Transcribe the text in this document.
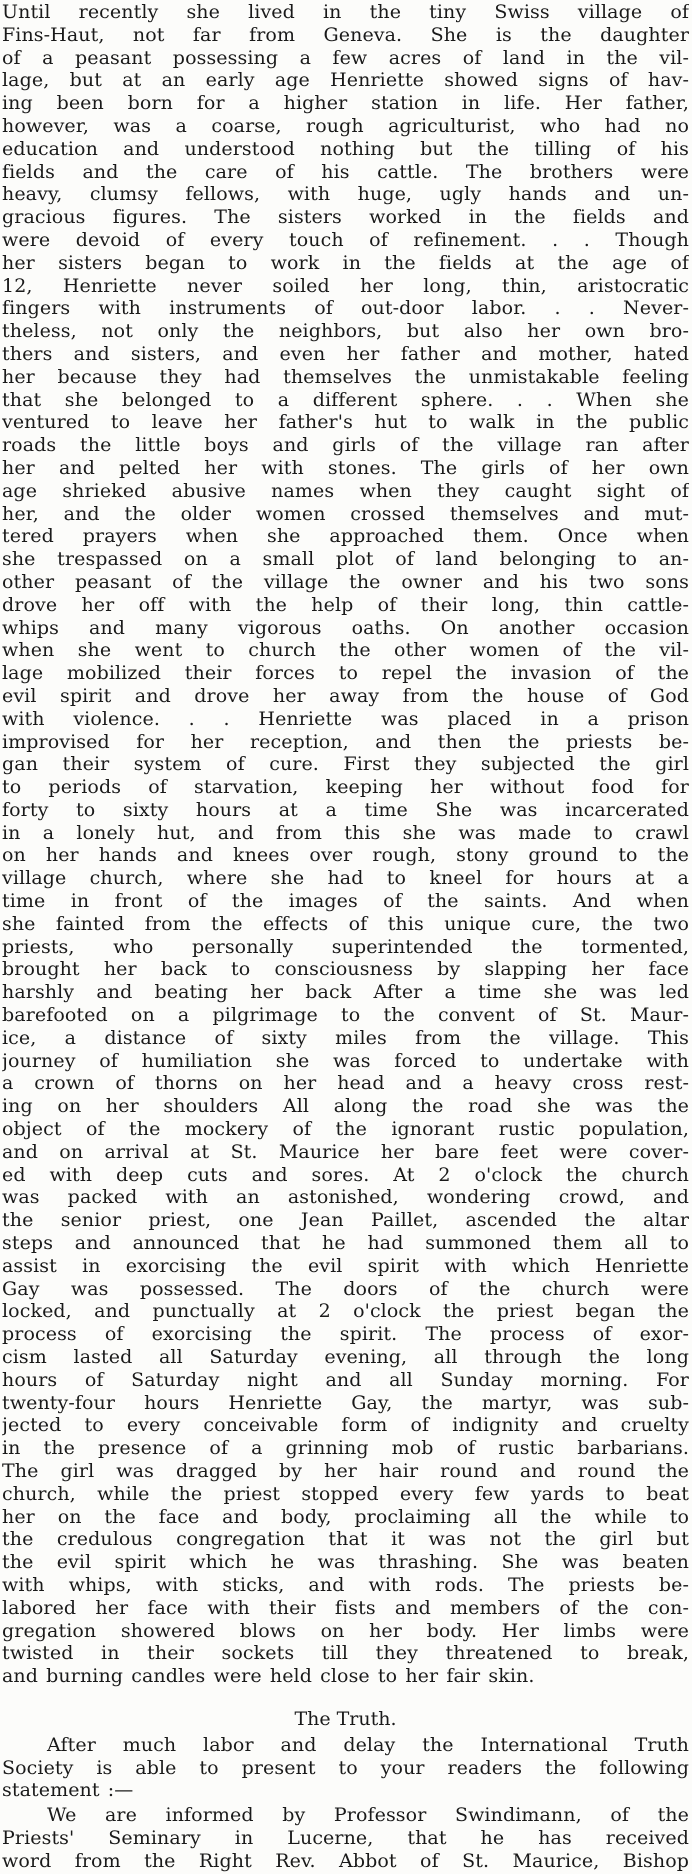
Until recently she lived in the tiny Swiss village of
Fins-Haut, not far from Geneva. She is the daughter
of a peasant possessing a few acres of land in the vil-
lage, but at an early age Henriette showed signs of hav-
ing been born for a higher station in life. Her father,
however, was a coarse, rough agriculturist, who had no
education and understood nothing but the tilling of his
fields and the care of his cattle. The brothers were
heavy, clumsy fellows, with huge, ugly hands and un-
gracious figures. The sisters worked in the fields and
were devoid of every touch of refinement. . . Though
her sisters began to work in the fields at the age of
12, Henriette never soiled her long, thin, aristocratic
fingers with instruments of out-door labor. . . Never-
theless, not only the neighbors, but also her own bro-
thers and sisters, and even her father and mother, hated
her because they had themselves the unmistakable feeling
that she belonged to a different sphere. . . When she
ventured to leave her father's hut to walk in the public
roads the little boys and girls of the village ran after
her and pelted her with stones. The girls of her own
age shrieked abusive names when they caught sight of
her, and the older women crossed themselves and mut-
tered prayers when she approached them. Once when
she trespassed on a small plot of land belonging to an-
other peasant of the village the owner and his two sons
drove her off with the help of their long, thin cattle-
whips and many vigorous oaths. On another occasion
when she went to church the other women of the vil-
lage mobilized their forces to repel the invasion of the
evil spirit and drove her away from the house of God
with violence. . . Henriette was placed in a prison
improvised for her reception, and then the priests be-
gan their system of cure. First they subjected the girl
to periods of starvation, keeping her without food for
forty to sixty hours at a time She was incarcerated
in a lonely hut, and from this she was made to crawl
on her hands and knees over rough, stony ground to the
village church, where she had to kneel for hours at a
time in front of the images of the saints. And when
she fainted from the effects of this unique cure, the two
priests, who personally superintended the tormented,
brought her back to consciousness by slapping her face
harshly and beating her back After a time she was led
barefooted on a pilgrimage to the convent of St. Maur-
ice, a distance of sixty miles from the village. This
journey of humiliation she was forced to undertake with
a crown of thorns on her head and a heavy cross rest-
ing on her shoulders All along the road she was the
object of the mockery of the ignorant rustic population,
and on arrival at St. Maurice her bare feet were cover-
ed with deep cuts and sores. At 2 o'clock the church
was packed with an astonished, wondering crowd, and
the senior priest, one Jean Paillet, ascended the altar
steps and announced that he had summoned them all to
assist in exorcising the evil spirit with which Henriette
Gay was possessed. The doors of the church were
locked, and punctually at 2 o'clock the priest began the
process of exorcising the spirit. The process of exor-
cism lasted all Saturday evening, all through the long
hours of Saturday night and all Sunday morning. For
twenty-four hours Henriette Gay, the martyr, was sub-
jected to every conceivable form of indignity and cruelty
in the presence of a grinning mob of rustic barbarians.
The girl was dragged by her hair round and round the
church, while the priest stopped every few yards to beat
her on the face and body, proclaiming all the while to
the credulous congregation that it was not the girl but
the evil spirit which he was thrashing. She was beaten
with whips, with sticks, and with rods. The priests be-
labored her face with their fists and members of the con-
gregation showered blows on her body. Her limbs were
twisted in their sockets till they threatened to break,
and burning candles were held close to her fair skin.
The Truth.
After much labor and delay the International Truth
Society is able to present to your readers the following
statement :—
We are informed by Professor Swindimann, of the
Priests' Seminary in Lucerne, that he has received
word from the Right Rev. Abbot of St. Maurice, Bishop
